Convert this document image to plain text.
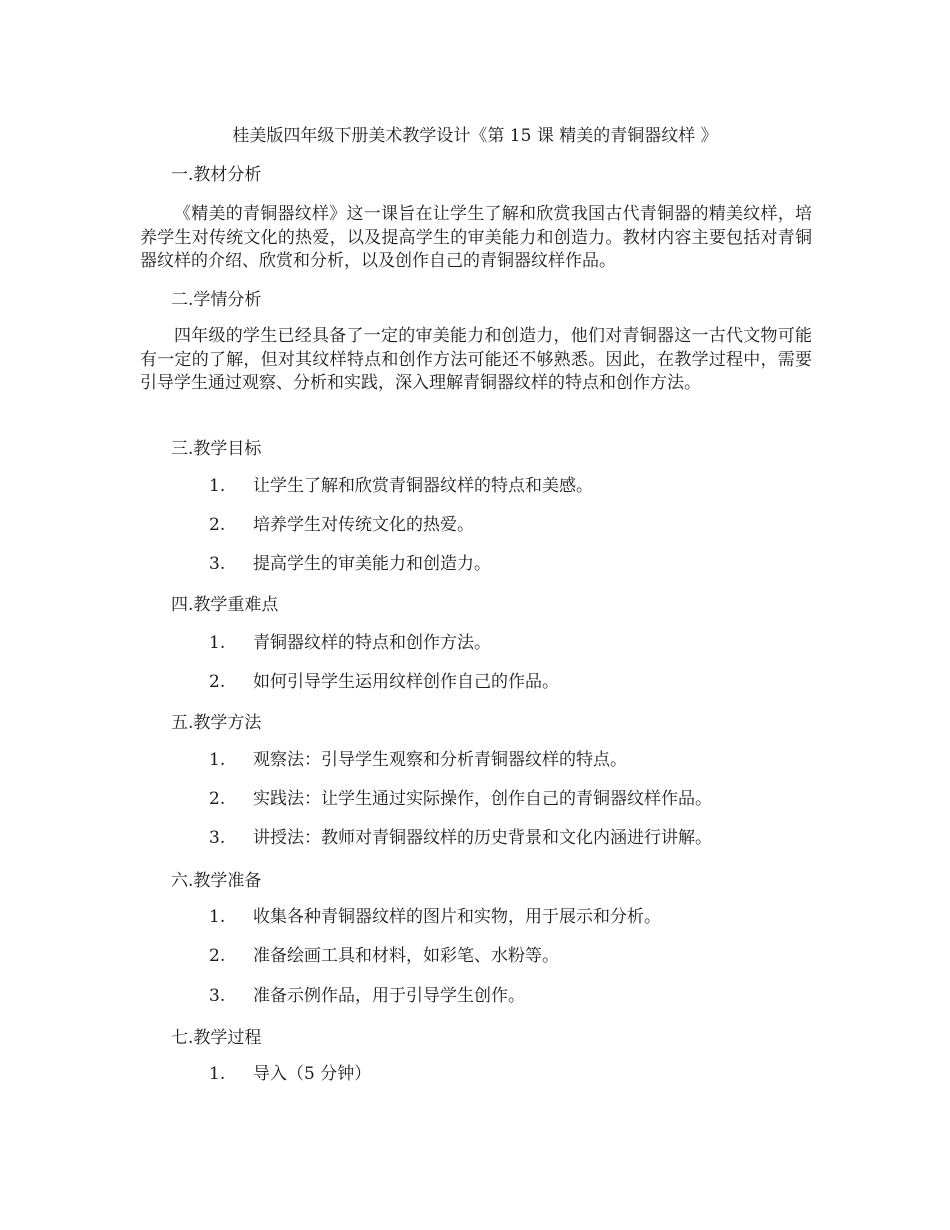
桂美版四年级下册美术教学设计《第 15 课 精美的青铜器纹样 》
一.教材分析
《精美的青铜器纹样》这一课旨在让学生了解和欣赏我国古代青铜器的精美纹样，培养学生对传统文化的热爱，以及提高学生的审美能力和创造力。教材内容主要包括对青铜器纹样的介绍、欣赏和分析，以及创作自己的青铜器纹样作品。
二.学情分析
四年级的学生已经具备了一定的审美能力和创造力，他们对青铜器这一古代文物可能有一定的了解，但对其纹样特点和创作方法可能还不够熟悉。因此，在教学过程中，需要引导学生通过观察、分析和实践，深入理解青铜器纹样的特点和创作方法。
三.教学目标
1. 让学生了解和欣赏青铜器纹样的特点和美感。
2. 培养学生对传统文化的热爱。
3. 提高学生的审美能力和创造力。
四.教学重难点
1. 青铜器纹样的特点和创作方法。
2. 如何引导学生运用纹样创作自己的作品。
五.教学方法
1. 观察法：引导学生观察和分析青铜器纹样的特点。
2. 实践法：让学生通过实际操作，创作自己的青铜器纹样作品。
3. 讲授法：教师对青铜器纹样的历史背景和文化内涵进行讲解。
六.教学准备
1. 收集各种青铜器纹样的图片和实物，用于展示和分析。
2. 准备绘画工具和材料，如彩笔、水粉等。
3. 准备示例作品，用于引导学生创作。
七.教学过程
1. 导入（5 分钟）
